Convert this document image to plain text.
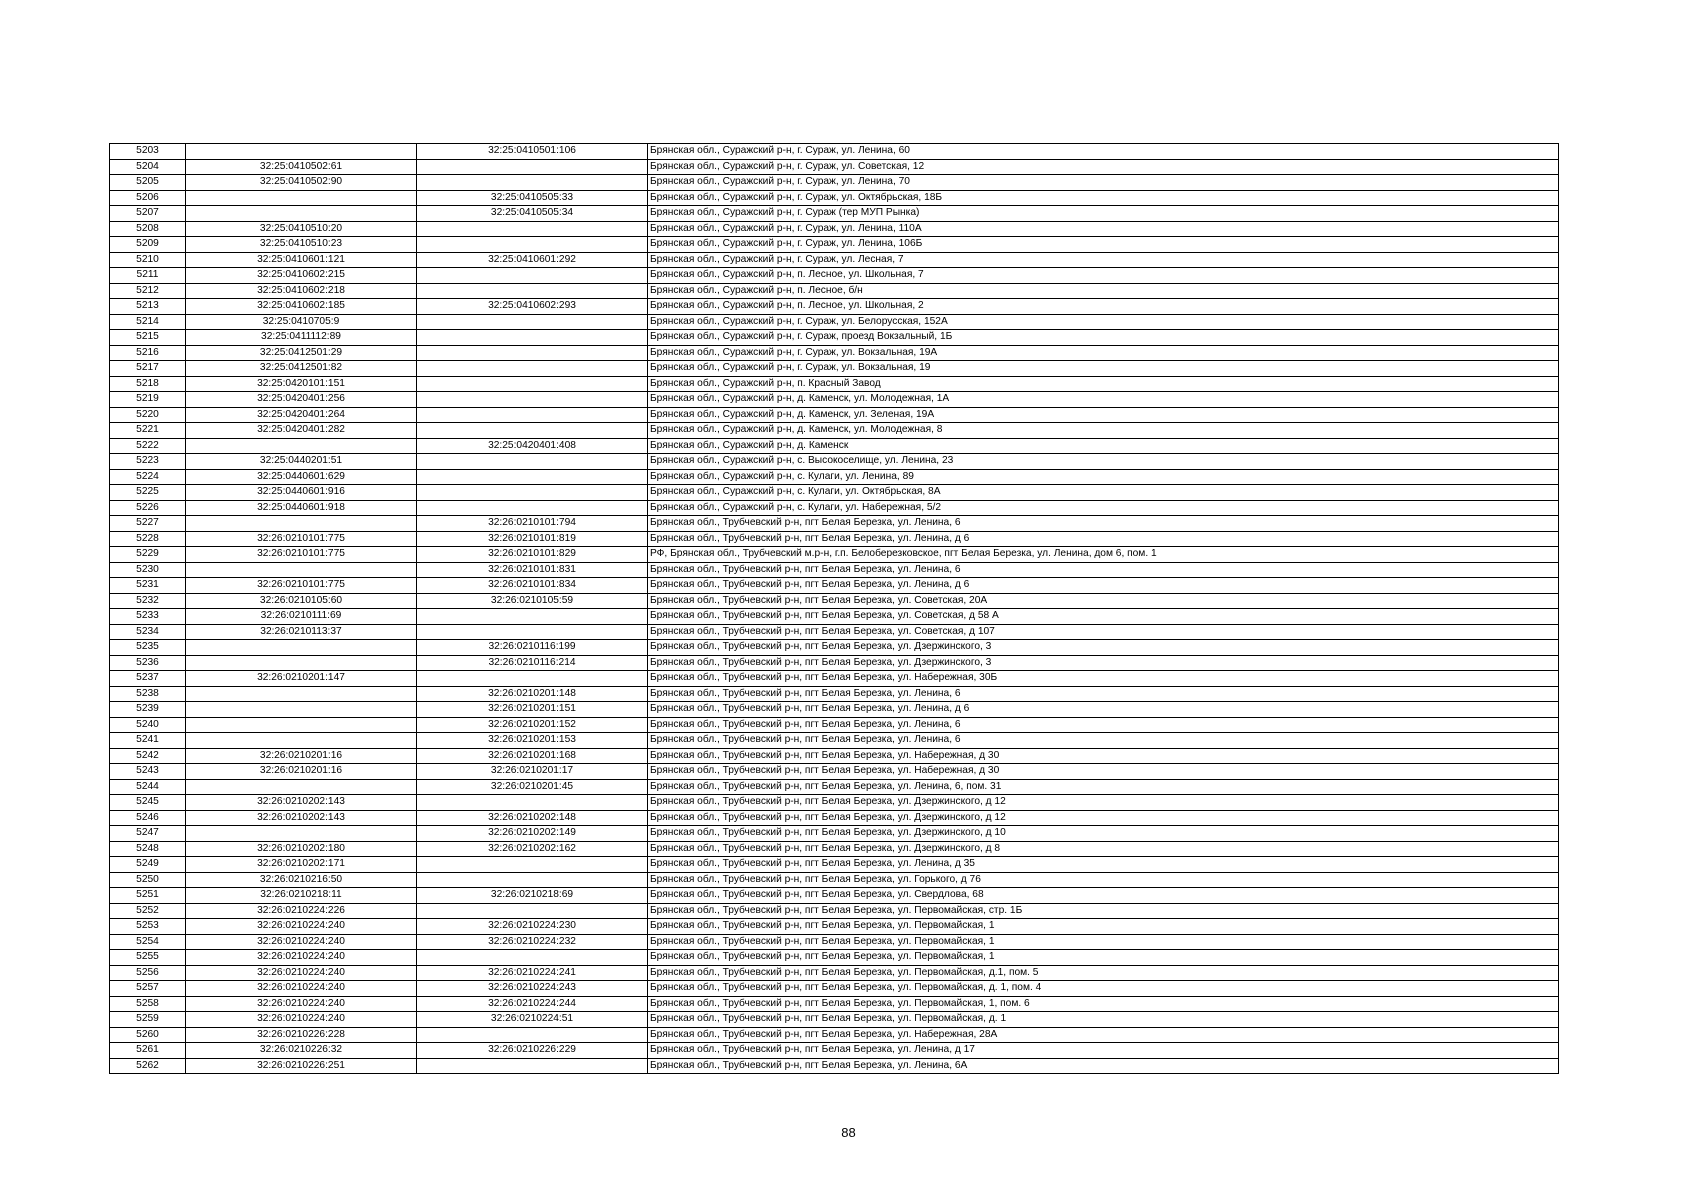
5203		32:25:0410501:106	Брянская обл., Суражский р-н, г. Сураж, ул. Ленина, 60
5204	32:25:0410502:61		Брянская обл., Суражский р-н, г. Сураж, ул. Советская, 12
5205	32:25:0410502:90		Брянская обл., Суражский р-н, г. Сураж, ул. Ленина, 70
5206		32:25:0410505:33	Брянская обл., Суражский р-н, г. Сураж, ул. Октябрьская, 18Б
5207		32:25:0410505:34	Брянская обл., Суражский р-н, г. Сураж (тер МУП Рынка)
5208	32:25:0410510:20		Брянская обл., Суражский р-н, г. Сураж, ул. Ленина, 110А
5209	32:25:0410510:23		Брянская обл., Суражский р-н, г. Сураж, ул. Ленина, 106Б
5210	32:25:0410601:121	32:25:0410601:292	Брянская обл., Суражский р-н, г. Сураж, ул. Лесная, 7
5211	32:25:0410602:215		Брянская обл., Суражский р-н, п. Лесное, ул. Школьная, 7
5212	32:25:0410602:218		Брянская обл., Суражский р-н, п. Лесное, б/н
5213	32:25:0410602:185	32:25:0410602:293	Брянская обл., Суражский р-н, п. Лесное, ул. Школьная, 2
5214	32:25:0410705:9		Брянская обл., Суражский р-н, г. Сураж, ул. Белорусская, 152А
5215	32:25:0411112:89		Брянская обл., Суражский р-н, г. Сураж, проезд Вокзальный, 1Б
5216	32:25:0412501:29		Брянская обл., Суражский р-н, г. Сураж, ул. Вокзальная, 19А
5217	32:25:0412501:82		Брянская обл., Суражский р-н, г. Сураж, ул. Вокзальная, 19
5218	32:25:0420101:151		Брянская обл., Суражский р-н, п. Красный Завод
5219	32:25:0420401:256		Брянская обл., Суражский р-н, д. Каменск, ул. Молодежная, 1А
5220	32:25:0420401:264		Брянская обл., Суражский р-н, д. Каменск, ул. Зеленая, 19А
5221	32:25:0420401:282		Брянская обл., Суражский р-н, д. Каменск, ул. Молодежная, 8
5222		32:25:0420401:408	Брянская обл., Суражский р-н, д. Каменск
5223	32:25:0440201:51		Брянская обл., Суражский р-н, с. Высокоселище, ул. Ленина, 23
5224	32:25:0440601:629		Брянская обл., Суражский р-н, с. Кулаги, ул. Ленина, 89
5225	32:25:0440601:916		Брянская обл., Суражский р-н, с. Кулаги, ул. Октябрьская, 8А
5226	32:25:0440601:918		Брянская обл., Суражский р-н, с. Кулаги, ул. Набережная, 5/2
5227		32:26:0210101:794	Брянская обл., Трубчевский р-н, пгт Белая Березка, ул. Ленина, 6
5228	32:26:0210101:775	32:26:0210101:819	Брянская обл., Трубчевский р-н, пгт Белая Березка, ул. Ленина, д 6
5229	32:26:0210101:775	32:26:0210101:829	РФ, Брянская обл., Трубчевский м.р-н, г.п. Белоберезковское, пгт Белая Березка, ул. Ленина, дом 6, пом. 1
5230		32:26:0210101:831	Брянская обл., Трубчевский р-н, пгт Белая Березка, ул. Ленина, 6
5231	32:26:0210101:775	32:26:0210101:834	Брянская обл., Трубчевский р-н, пгт Белая Березка, ул. Ленина, д 6
5232	32:26:0210105:60	32:26:0210105:59	Брянская обл., Трубчевский р-н, пгт Белая Березка, ул. Советская, 20А
5233	32:26:0210111:69		Брянская обл., Трубчевский р-н, пгт Белая Березка, ул. Советская, д 58 А
5234	32:26:0210113:37		Брянская обл., Трубчевский р-н, пгт Белая Березка, ул. Советская, д 107
5235		32:26:0210116:199	Брянская обл., Трубчевский р-н, пгт Белая Березка, ул. Дзержинского, 3
5236		32:26:0210116:214	Брянская обл., Трубчевский р-н, пгт Белая Березка, ул. Дзержинского, 3
5237	32:26:0210201:147		Брянская обл., Трубчевский р-н, пгт Белая Березка, ул. Набережная, 30Б
5238		32:26:0210201:148	Брянская обл., Трубчевский р-н, пгт Белая Березка, ул. Ленина, 6
5239		32:26:0210201:151	Брянская обл., Трубчевский р-н, пгт Белая Березка, ул. Ленина, д 6
5240		32:26:0210201:152	Брянская обл., Трубчевский р-н, пгт Белая Березка, ул. Ленина, 6
5241		32:26:0210201:153	Брянская обл., Трубчевский р-н, пгт Белая Березка, ул. Ленина, 6
5242	32:26:0210201:16	32:26:0210201:168	Брянская обл., Трубчевский р-н, пгт Белая Березка, ул. Набережная, д 30
5243	32:26:0210201:16	32:26:0210201:17	Брянская обл., Трубчевский р-н, пгт Белая Березка, ул. Набережная, д 30
5244		32:26:0210201:45	Брянская обл., Трубчевский р-н, пгт Белая Березка, ул. Ленина, 6, пом. 31
5245	32:26:0210202:143		Брянская обл., Трубчевский р-н, пгт Белая Березка, ул. Дзержинского, д 12
5246	32:26:0210202:143	32:26:0210202:148	Брянская обл., Трубчевский р-н, пгт Белая Березка, ул. Дзержинского, д 12
5247		32:26:0210202:149	Брянская обл., Трубчевский р-н, пгт Белая Березка, ул. Дзержинского, д 10
5248	32:26:0210202:180	32:26:0210202:162	Брянская обл., Трубчевский р-н, пгт Белая Березка, ул. Дзержинского, д 8
5249	32:26:0210202:171		Брянская обл., Трубчевский р-н, пгт Белая Березка, ул. Ленина, д 35
5250	32:26:0210216:50		Брянская обл., Трубчевский р-н, пгт Белая Березка, ул. Горького, д 76
5251	32:26:0210218:11	32:26:0210218:69	Брянская обл., Трубчевский р-н, пгт Белая Березка, ул. Свердлова, 68
5252	32:26:0210224:226		Брянская обл., Трубчевский р-н, пгт Белая Березка, ул. Первомайская, стр. 1Б
5253	32:26:0210224:240	32:26:0210224:230	Брянская обл., Трубчевский р-н, пгт Белая Березка, ул. Первомайская, 1
5254	32:26:0210224:240	32:26:0210224:232	Брянская обл., Трубчевский р-н, пгт Белая Березка, ул. Первомайская, 1
5255	32:26:0210224:240		Брянская обл., Трубчевский р-н, пгт Белая Березка, ул. Первомайская, 1
5256	32:26:0210224:240	32:26:0210224:241	Брянская обл., Трубчевский р-н, пгт Белая Березка, ул. Первомайская, д.1, пом. 5
5257	32:26:0210224:240	32:26:0210224:243	Брянская обл., Трубчевский р-н, пгт Белая Березка, ул. Первомайская, д. 1, пом. 4
5258	32:26:0210224:240	32:26:0210224:244	Брянская обл., Трубчевский р-н, пгт Белая Березка, ул. Первомайская, 1, пом. 6
5259	32:26:0210224:240	32:26:0210224:51	Брянская обл., Трубчевский р-н, пгт Белая Березка, ул. Первомайская, д. 1
5260	32:26:0210226:228		Брянская обл., Трубчевский р-н, пгт Белая Березка, ул. Набережная, 28А
5261	32:26:0210226:32	32:26:0210226:229	Брянская обл., Трубчевский р-н, пгт Белая Березка, ул. Ленина, д 17
5262	32:26:0210226:251		Брянская обл., Трубчевский р-н, пгт Белая Березка, ул. Ленина, 6А
88
